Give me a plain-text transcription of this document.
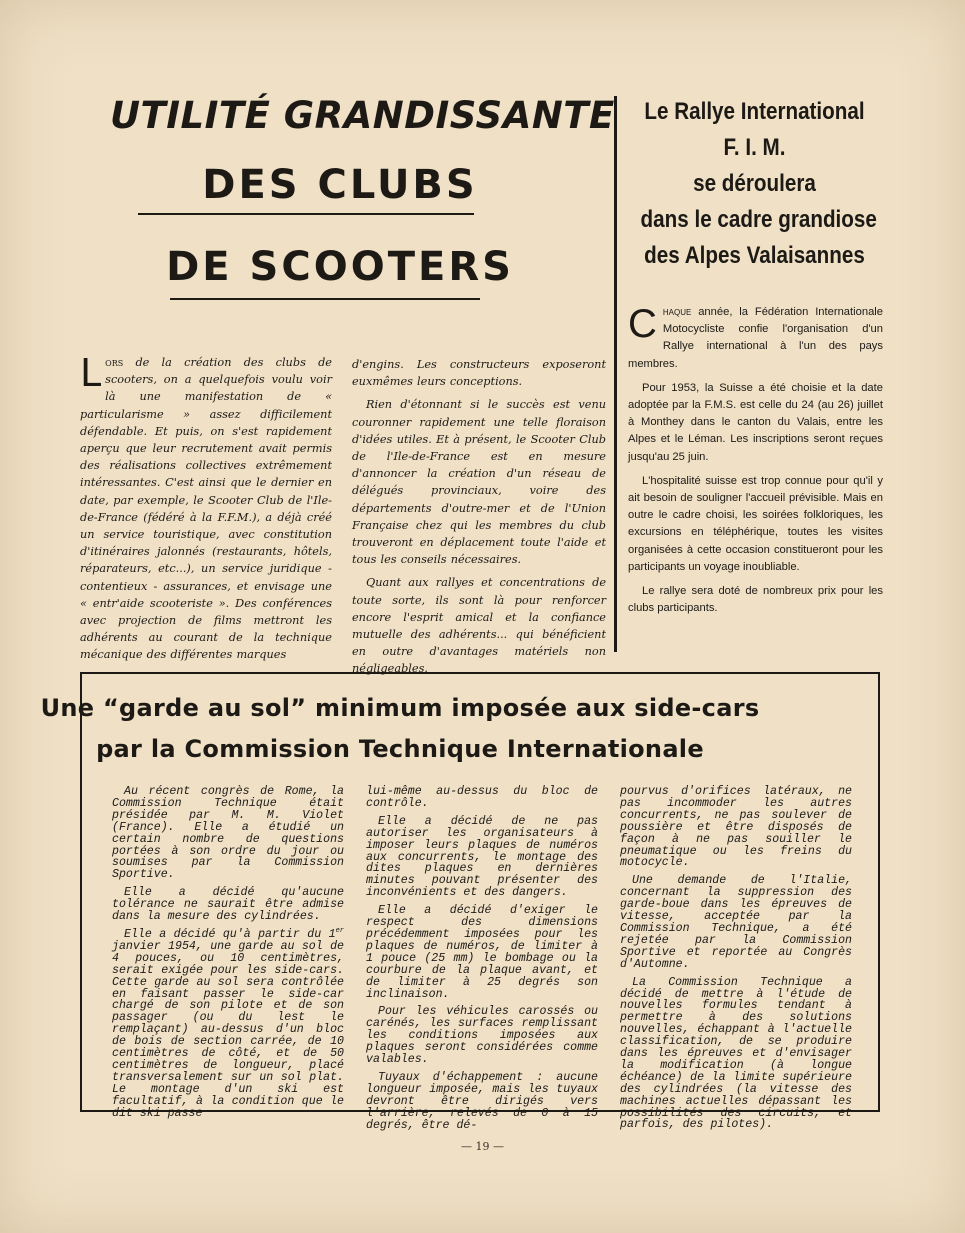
UTILITÉ GRANDISSANTE
DES CLUBS
DE SCOOTERS

Lors de la création des clubs de scooters, on a quelquefois voulu voir là une manifestation de « particularisme » assez difficilement défendable. Et puis, on s'est rapidement aperçu que leur recrutement avait permis des réalisations collectives extrêmement intéressantes. C'est ainsi que le dernier en date, par exemple, le Scooter Club de l'Ile-de-France (fédéré à la F.F.M.), a déjà créé un service touristique, avec constitution d'itinéraires jalonnés (restaurants, hôtels, réparateurs, etc...), un service juridique - contentieux - assurances, et envisage une « entr'aide scooteriste ». Des conférences avec projection de films mettront les adhérents au courant de la technique mécanique des différentes marques

d'engins. Les constructeurs exposeront euxmêmes leurs conceptions.

Rien d'étonnant si le succès est venu couronner rapidement une telle floraison d'idées utiles. Et à présent, le Scooter Club de l'Ile-de-France est en mesure d'annoncer la création d'un réseau de délégués provinciaux, voire des départements d'outre-mer et de l'Union Française chez qui les membres du club trouveront en déplacement toute l'aide et tous les conseils nécessaires.

Quant aux rallyes et concentrations de toute sorte, ils sont là pour renforcer encore l'esprit amical et la confiance mutuelle des adhérents... qui bénéficient en outre d'avantages matériels non négligeables.

Le Rallye International
F. I. M.
se déroulera
dans le cadre grandiose
des Alpes Valaisannes

Chaque année, la Fédération Internationale Motocycliste confie l'organisation d'un Rallye international à l'un des pays membres.

Pour 1953, la Suisse a été choisie et la date adoptée par la F.M.S. est celle du 24 (au 26) juillet à Monthey dans le canton du Valais, entre les Alpes et le Léman. Les inscriptions seront reçues jusqu'au 25 juin.

L'hospitalité suisse est trop connue pour qu'il y ait besoin de souligner l'accueil prévisible. Mais en outre le cadre choisi, les soirées folkloriques, les excursions en téléphérique, toutes les visites organisées à cette occasion constitueront pour les participants un voyage inoubliable.

Le rallye sera doté de nombreux prix pour les clubs participants.

Une “garde au sol” minimum imposée aux side-cars
par la Commission Technique Internationale

Au récent congrès de Rome, la Commission Technique était présidée par M. M. Violet (France). Elle a étudié un certain nombre de questions portées à son ordre du jour ou soumises par la Commission Sportive.

Elle a décidé qu'aucune tolérance ne saurait être admise dans la mesure des cylindrées.

Elle a décidé qu'à partir du 1er janvier 1954, une garde au sol de 4 pouces, ou 10 centimètres, serait exigée pour les side-cars. Cette garde au sol sera contrôlée en faisant passer le side-car chargé de son pilote et de son passager (ou du lest le remplaçant) au-dessus d'un bloc de bois de section carrée, de 10 centimètres de côté, et de 50 centimètres de longueur, placé transversalement sur un sol plat. Le montage d'un ski est facultatif, à la condition que le dit ski passe

lui-même au-dessus du bloc de contrôle.

Elle a décidé de ne pas autoriser les organisateurs à imposer leurs plaques de numéros aux concurrents, le montage des dites plaques en dernières minutes pouvant présenter des inconvénients et des dangers.

Elle a décidé d'exiger le respect des dimensions précédemment imposées pour les plaques de numéros, de limiter à 1 pouce (25 mm) le bombage ou la courbure de la plaque avant, et de limiter à 25 degrés son inclinaison.

Pour les véhicules carossés ou carénés, les surfaces remplissant les conditions imposées aux plaques seront considérées comme valables.

Tuyaux d'échappement : aucune longueur imposée, mais les tuyaux devront être dirigés vers l'arrière, relevés de 0 à 15 degrés, être dé-

pourvus d'orifices latéraux, ne pas incommoder les autres concurrents, ne pas soulever de poussière et être disposés de façon à ne pas souiller le pneumatique ou les freins du motocycle.

Une demande de l'Italie, concernant la suppression des garde-boue dans les épreuves de vitesse, acceptée par la Commission Technique, a été rejetée par la Commission Sportive et reportée au Congrès d'Automne.

La Commission Technique a décidé de mettre à l'étude de nouvelles formules tendant à permettre à des solutions nouvelles, échappant à l'actuelle classification, de se produire dans les épreuves et d'envisager la modification (à longue échéance) de la limite supérieure des cylindrées (la vitesse des machines actuelles dépassant les possibilités des circuits, et parfois, des pilotes).

— 19 —
